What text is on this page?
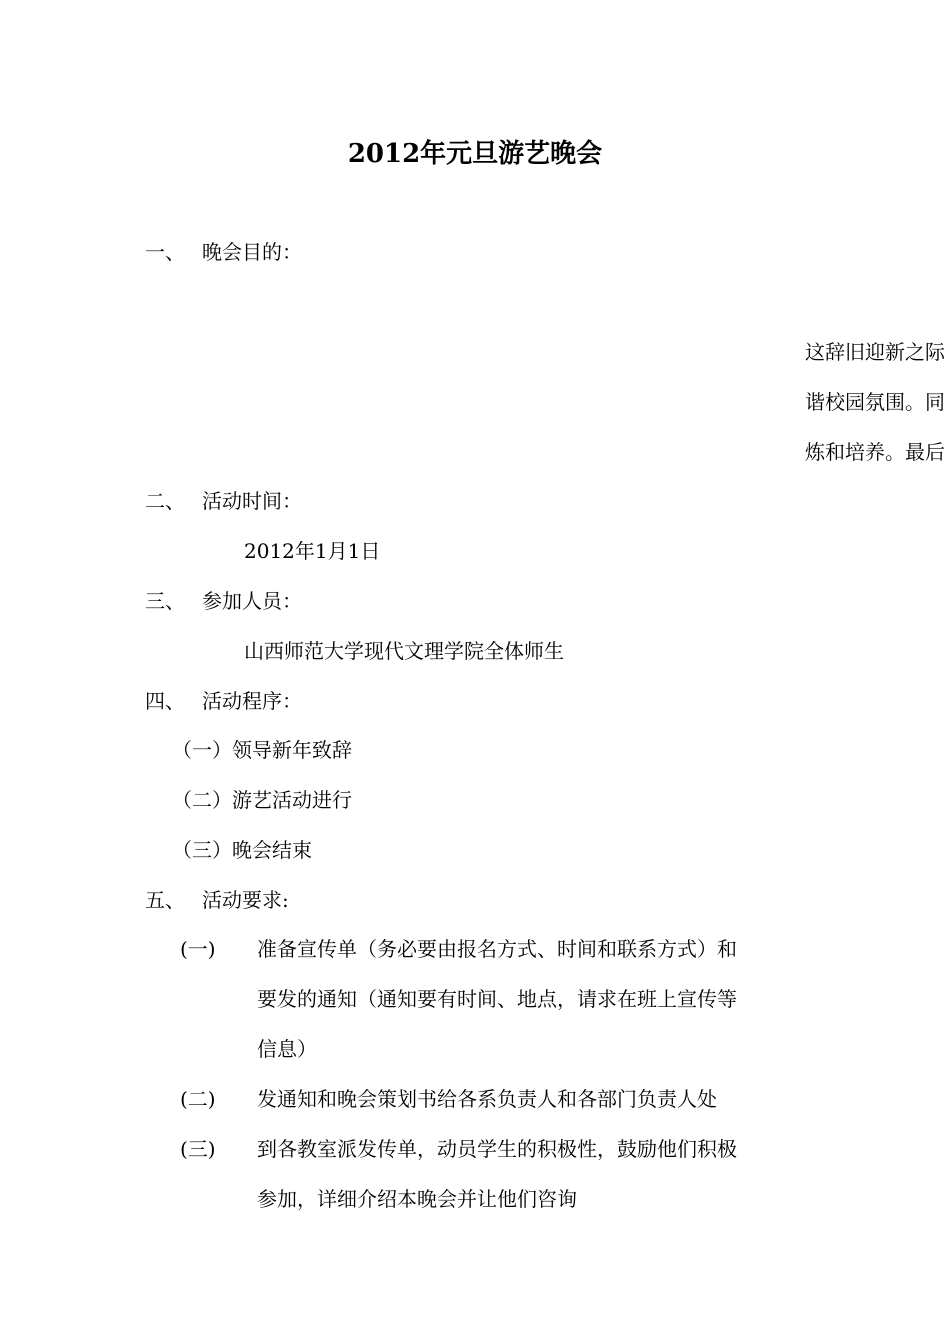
2012年元旦游艺晚会
一、 晚会目的：
这辞旧迎新之际
谐校园氛围。同
炼和培养。最后
二、 活动时间：
2012年1月1日
三、 参加人员：
山西师范大学现代文理学院全体师生
四、 活动程序：
（一）领导新年致辞
（二）游艺活动进行
（三）晚会结束
五、 活动要求:
(一) 准备宣传单（务必要由报名方式、时间和联系方式）和
要发的通知（通知要有时间、地点，请求在班上宣传等
信息）
(二) 发通知和晚会策划书给各系负责人和各部门负责人处
(三) 到各教室派发传单，动员学生的积极性，鼓励他们积极
参加，详细介绍本晚会并让他们咨询
